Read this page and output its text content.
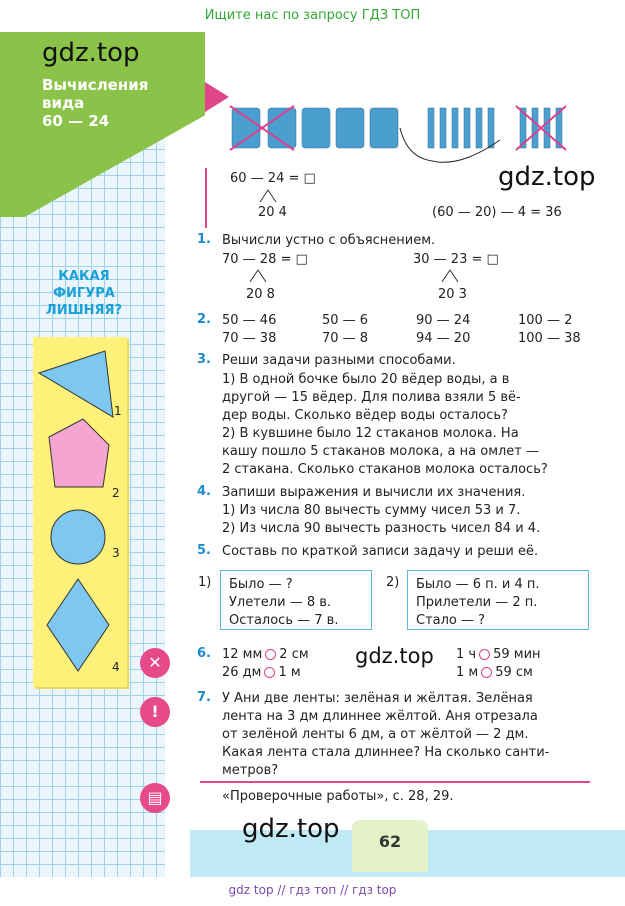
Ищите нас по запросу ГДЗ ТОП
gdz.top
Вычисления
вида
60 — 24
КАКАЯ
ФИГУРА
ЛИШНЯЯ?
1
2
3
4	✕
!
▤
gdz.top
60 — 24 = □
20 4	(60 — 20) — 4 = 36
1. Вычисли устно с объяснением.
70 — 28 = □
20 8
30 — 23 = □
20 3
2. 50 — 46
70 — 38
50 — 6
70 — 8
90 — 24
94 — 20
100 — 2
100 — 38
3. Реши задачи разными способами.
1) В одной бочке было 20 вёдер воды, а в
другой — 15 вёдер. Для полива взяли 5 вё-
дер воды. Сколько вёдер воды осталось?
2) В кувшине было 12 стаканов молока. На
кашу пошло 5 стаканов молока, а на омлет —
2 стакана. Сколько стаканов молока осталось?
4. Запиши выражения и вычисли их значения.
1) Из числа 80 вычесть сумму чисел 53 и 7.
2) Из числа 90 вычесть разность чисел 84 и 4.
5. Составь по краткой записи задачу и реши её.
1) Было — ?
Улетели — 8 в.
Осталось — 7 в.
2) Было — 6 п. и 4 п.
Прилетели — 2 п.
Стало — ?
6. 12 мм 2 см
26 дм 1 м
1 ч 59 мин
1 м 59 см
gdz.top
7. У Ани две ленты: зелёная и жёлтая. Зелёная
лента на 3 дм длиннее жёлтой. Аня отрезала
от зелёной ленты 6 дм, а от жёлтой — 2 дм.
Какая лента стала длиннее? На сколько санти-
метров?
«Проверочные работы», с. 28, 29.
62
gdz.top
gdz top // гдз топ // гдз top
